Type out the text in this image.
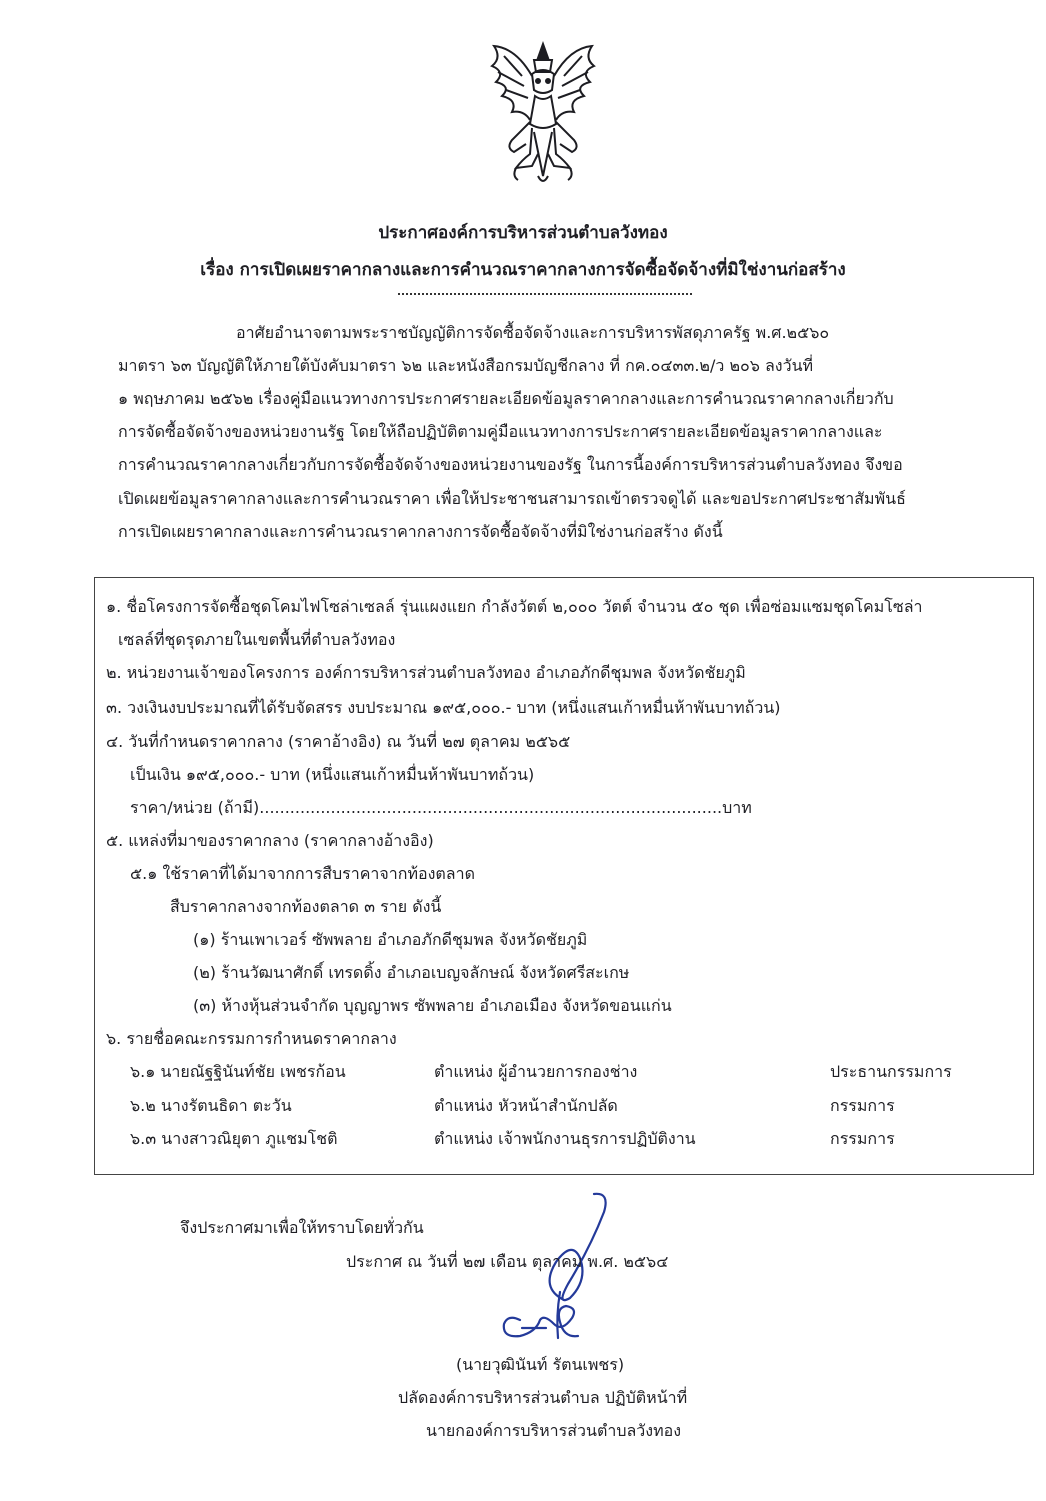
ประกาศองค์การบริหารส่วนตำบลวังทอง
เรื่อง การเปิดเผยราคากลางและการคำนวณราคากลางการจัดซื้อจัดจ้างที่มิใช่งานก่อสร้าง
อาศัยอำนาจตามพระราชบัญญัติการจัดซื้อจัดจ้างและการบริหารพัสดุภาครัฐ พ.ศ.๒๕๖๐
มาตรา ๖๓ บัญญัติให้ภายใต้บังคับมาตรา ๖๒ และหนังสือกรมบัญชีกลาง ที่ กค.๐๔๓๓.๒/ว ๒๐๖ ลงวันที่
๑ พฤษภาคม ๒๕๖๒ เรื่องคู่มือแนวทางการประกาศรายละเอียดข้อมูลราคากลางและการคำนวณราคากลางเกี่ยวกับ
การจัดซื้อจัดจ้างของหน่วยงานรัฐ โดยให้ถือปฏิบัติตามคู่มือแนวทางการประกาศรายละเอียดข้อมูลราคากลางและ
การคำนวณราคากลางเกี่ยวกับการจัดซื้อจัดจ้างของหน่วยงานของรัฐ ในการนี้องค์การบริหารส่วนตำบลวังทอง จึงขอ
เปิดเผยข้อมูลราคากลางและการคำนวณราคา เพื่อให้ประชาชนสามารถเข้าตรวจดูได้ และขอประกาศประชาสัมพันธ์
การเปิดเผยราคากลางและการคำนวณราคากลางการจัดซื้อจัดจ้างที่มิใช่งานก่อสร้าง ดังนี้
๑. ชื่อโครงการจัดซื้อชุดโคมไฟโซล่าเซลล์ รุ่นแผงแยก กำลังวัตต์ ๒,๐๐๐ วัตต์ จำนวน ๕๐ ชุด เพื่อซ่อมแซมชุดโคมโซล่า
เซลล์ที่ชุดรุดภายในเขตพื้นที่ตำบลวังทอง
๒. หน่วยงานเจ้าของโครงการ องค์การบริหารส่วนตำบลวังทอง อำเภอภักดีชุมพล จังหวัดชัยภูมิ
๓. วงเงินงบประมาณที่ได้รับจัดสรร งบประมาณ ๑๙๕,๐๐๐.- บาท (หนึ่งแสนเก้าหมื่นห้าพันบาทถ้วน)
๔. วันที่กำหนดราคากลาง (ราคาอ้างอิง) ณ วันที่ ๒๗ ตุลาคม ๒๕๖๕
เป็นเงิน ๑๙๕,๐๐๐.- บาท (หนึ่งแสนเก้าหมื่นห้าพันบาทถ้วน)
ราคา/หน่วย (ถ้ามี)...........................................................................................บาท
๕. แหล่งที่มาของราคากลาง (ราคากลางอ้างอิง)
๕.๑ ใช้ราคาที่ได้มาจากการสืบราคาจากท้องตลาด
สืบราคากลางจากท้องตลาด ๓ ราย ดังนี้
(๑) ร้านเพาเวอร์ ซัพพลาย อำเภอภักดีชุมพล จังหวัดชัยภูมิ
(๒) ร้านวัฒนาศักดิ์ เทรดดิ้ง อำเภอเบญจลักษณ์ จังหวัดศรีสะเกษ
(๓) ห้างหุ้นส่วนจำกัด บุญญาพร ซัพพลาย อำเภอเมือง จังหวัดขอนแก่น
๖. รายชื่อคณะกรรมการกำหนดราคากลาง
๖.๑ นายณัฐฐินันท์ชัย เพชรก้อน	ตำแหน่ง ผู้อำนวยการกองช่าง	ประธานกรรมการ
๖.๒ นางรัตนธิดา ตะวัน	ตำแหน่ง หัวหน้าสำนักปลัด	กรรมการ
๖.๓ นางสาวณิยุตา ภูแชมโชติ	ตำแหน่ง เจ้าพนักงานธุรการปฏิบัติงาน	กรรมการ
จึงประกาศมาเพื่อให้ทราบโดยทั่วกัน
ประกาศ ณ วันที่ ๒๗ เดือน ตุลาคม พ.ศ. ๒๕๖๔
(นายวุฒินันท์ รัตนเพชร)
ปลัดองค์การบริหารส่วนตำบล ปฏิบัติหน้าที่
นายกองค์การบริหารส่วนตำบลวังทอง
